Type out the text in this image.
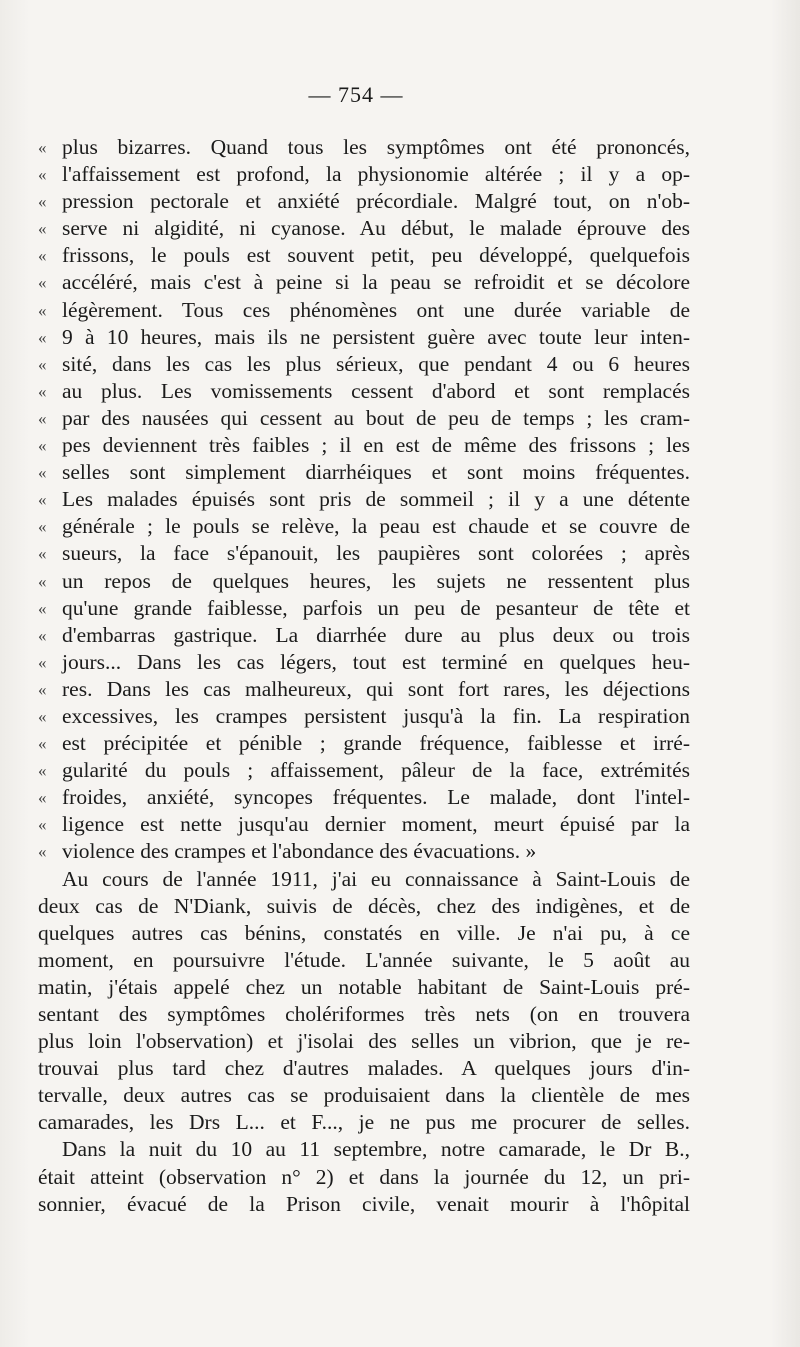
— 754 —
« plus bizarres. Quand tous les symptômes ont été prononcés,
« l'affaissement est profond, la physionomie altérée ; il y a op-
« pression pectorale et anxiété précordiale. Malgré tout, on n'ob-
« serve ni algidité, ni cyanose. Au début, le malade éprouve des
« frissons, le pouls est souvent petit, peu développé, quelquefois
« accéléré, mais c'est à peine si la peau se refroidit et se décolore
« légèrement. Tous ces phénomènes ont une durée variable de
« 9 à 10 heures, mais ils ne persistent guère avec toute leur inten-
« sité, dans les cas les plus sérieux, que pendant 4 ou 6 heures
« au plus. Les vomissements cessent d'abord et sont remplacés
« par des nausées qui cessent au bout de peu de temps ; les cram-
« pes deviennent très faibles ; il en est de même des frissons ; les
« selles sont simplement diarrhéiques et sont moins fréquentes.
« Les malades épuisés sont pris de sommeil ; il y a une détente
« générale ; le pouls se relève, la peau est chaude et se couvre de
« sueurs, la face s'épanouit, les paupières sont colorées ; après
« un repos de quelques heures, les sujets ne ressentent plus
« qu'une grande faiblesse, parfois un peu de pesanteur de tête et
« d'embarras gastrique. La diarrhée dure au plus deux ou trois
« jours... Dans les cas légers, tout est terminé en quelques heu-
« res. Dans les cas malheureux, qui sont fort rares, les déjections
« excessives, les crampes persistent jusqu'à la fin. La respiration
« est précipitée et pénible ; grande fréquence, faiblesse et irré-
« gularité du pouls ; affaissement, pâleur de la face, extrémités
« froides, anxiété, syncopes fréquentes. Le malade, dont l'intel-
« ligence est nette jusqu'au dernier moment, meurt épuisé par la
« violence des crampes et l'abondance des évacuations. »
Au cours de l'année 1911, j'ai eu connaissance à Saint-Louis de
deux cas de N'Diank, suivis de décès, chez des indigènes, et de
quelques autres cas bénins, constatés en ville. Je n'ai pu, à ce
moment, en poursuivre l'étude. L'année suivante, le 5 août au
matin, j'étais appelé chez un notable habitant de Saint-Louis pré-
sentant des symptômes cholériformes très nets (on en trouvera
plus loin l'observation) et j'isolai des selles un vibrion, que je re-
trouvai plus tard chez d'autres malades. A quelques jours d'in-
tervalle, deux autres cas se produisaient dans la clientèle de mes
camarades, les Drs L... et F..., je ne pus me procurer de selles.
Dans la nuit du 10 au 11 septembre, notre camarade, le Dr B.,
était atteint (observation n° 2) et dans la journée du 12, un pri-
sonnier, évacué de la Prison civile, venait mourir à l'hôpital
